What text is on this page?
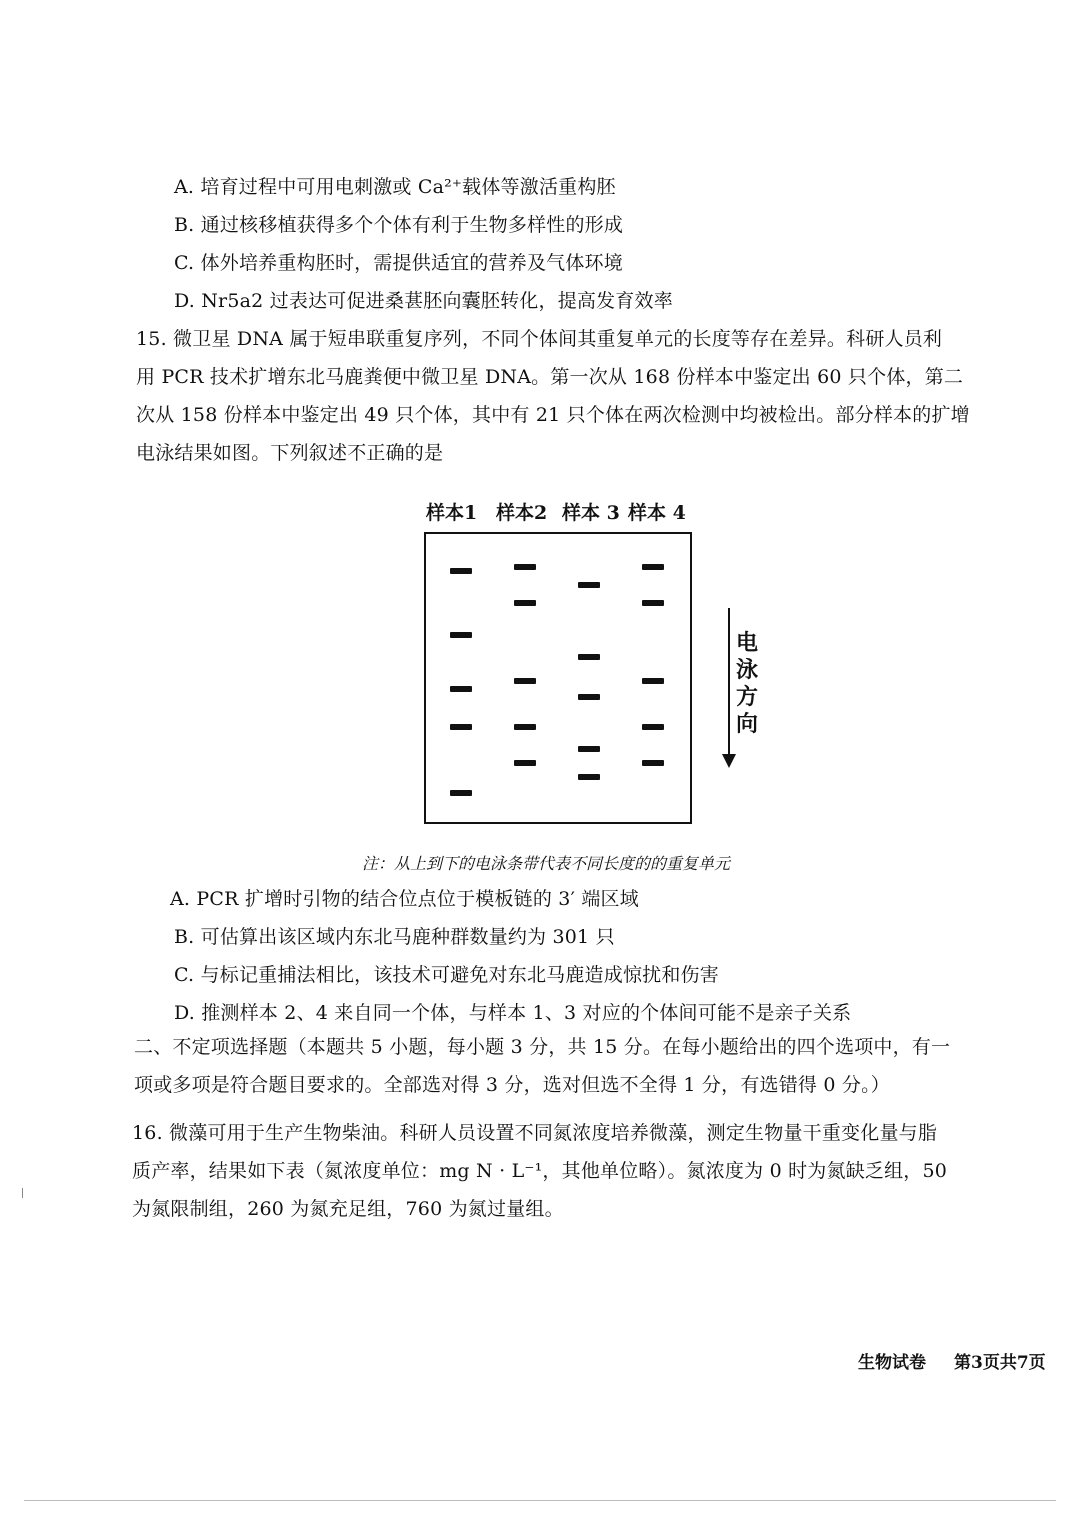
A. 培育过程中可用电刺激或 Ca²⁺载体等激活重构胚
B. 通过核移植获得多个个体有利于生物多样性的形成
C. 体外培养重构胚时，需提供适宜的营养及气体环境
D. Nr5a2 过表达可促进桑葚胚向囊胚转化，提高发育效率
15. 微卫星 DNA 属于短串联重复序列，不同个体间其重复单元的长度等存在差异。科研人员利
用 PCR 技术扩增东北马鹿粪便中微卫星 DNA。第一次从 168 份样本中鉴定出 60 只个体，第二
次从 158 份样本中鉴定出 49 只个体，其中有 21 只个体在两次检测中均被检出。部分样本的扩增
电泳结果如图。下列叙述不正确的是
样本1 样本2 样本 3 样本 4
电泳方向
注：从上到下的电泳条带代表不同长度的的重复单元
A. PCR 扩增时引物的结合位点位于模板链的 3′ 端区域
B. 可估算出该区域内东北马鹿种群数量约为 301 只
C. 与标记重捕法相比，该技术可避免对东北马鹿造成惊扰和伤害
D. 推测样本 2、4 来自同一个体，与样本 1、3 对应的个体间可能不是亲子关系
二、不定项选择题（本题共 5 小题，每小题 3 分，共 15 分。在每小题给出的四个选项中，有一
项或多项是符合题目要求的。全部选对得 3 分，选对但选不全得 1 分，有选错得 0 分。）
16. 微藻可用于生产生物柴油。科研人员设置不同氮浓度培养微藻，测定生物量干重变化量与脂
质产率，结果如下表（氮浓度单位：mg N · L⁻¹，其他单位略）。氮浓度为 0 时为氮缺乏组，50
为氮限制组，260 为氮充足组，760 为氮过量组。
生物试卷 第3页共7页
